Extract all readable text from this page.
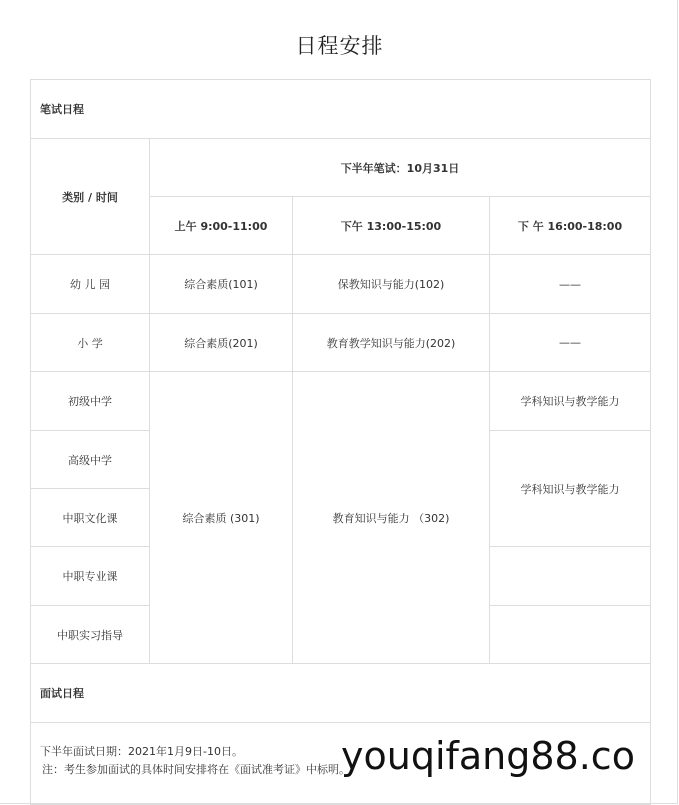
日程安排
笔试日程			
类别 / 时间	下半年笔试：10月31日		
	上午 9:00-11:00	下午 13:00-15:00	下 午 16:00-18:00
幼 儿 园	综合素质(101)	保教知识与能力(102)	——
小 学	综合素质(201)	教育教学知识与能力(202)	——
初级中学	综合素质 (301)	教育知识与能力 （302)	学科知识与教学能力
高级中学			学科知识与教学能力
中职文化课			
中职专业课			
中职实习指导			
面试日程			

下半年面试日期：2021年1月9日-10日。
注：考生参加面试的具体时间安排将在《面试准考证》中标明。			
youqifang88.co
